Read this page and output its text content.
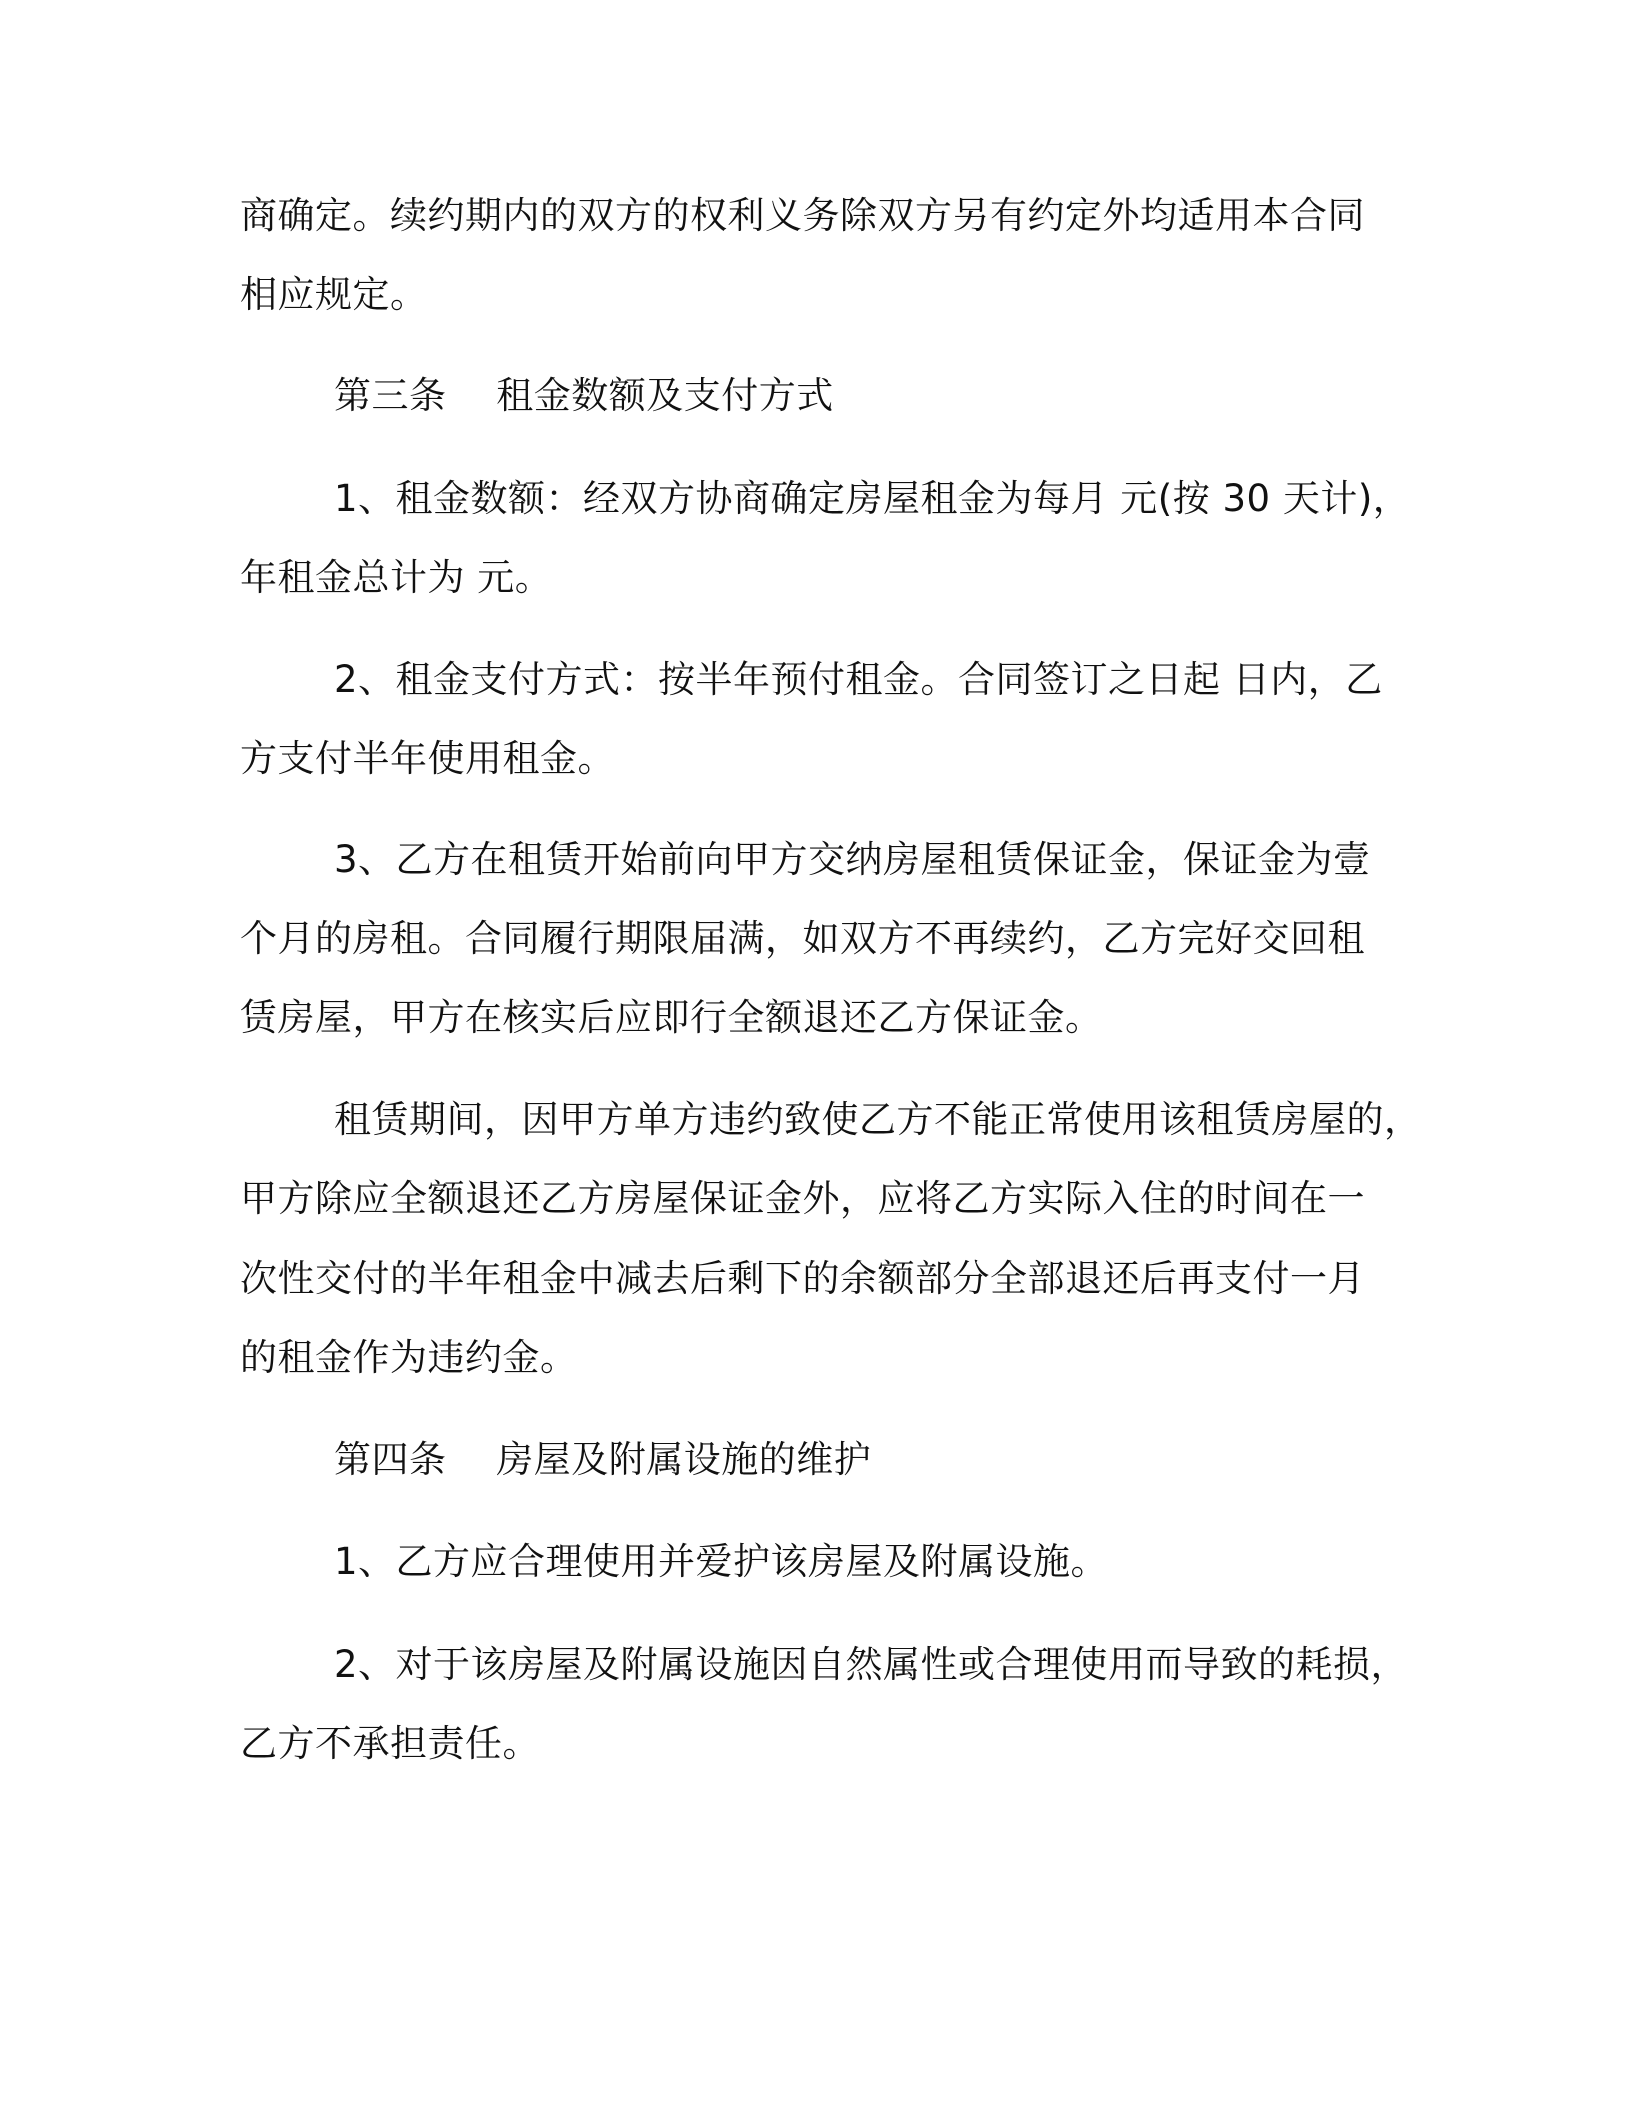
商确定。续约期内的双方的权利义务除双方另有约定外均适用本合同
相应规定。
第三条　 租金数额及支付方式
1、租金数额：经双方协商确定房屋租金为每月 元(按 30 天计)，
年租金总计为 元。
2、租金支付方式：按半年预付租金。合同签订之日起 日内，乙
方支付半年使用租金。
3、乙方在租赁开始前向甲方交纳房屋租赁保证金，保证金为壹
个月的房租。合同履行期限届满，如双方不再续约，乙方完好交回租
赁房屋，甲方在核实后应即行全额退还乙方保证金。
租赁期间，因甲方单方违约致使乙方不能正常使用该租赁房屋的，
甲方除应全额退还乙方房屋保证金外，应将乙方实际入住的时间在一
次性交付的半年租金中减去后剩下的余额部分全部退还后再支付一月
的租金作为违约金。
第四条　 房屋及附属设施的维护
1、乙方应合理使用并爱护该房屋及附属设施。
2、对于该房屋及附属设施因自然属性或合理使用而导致的耗损，
乙方不承担责任。
